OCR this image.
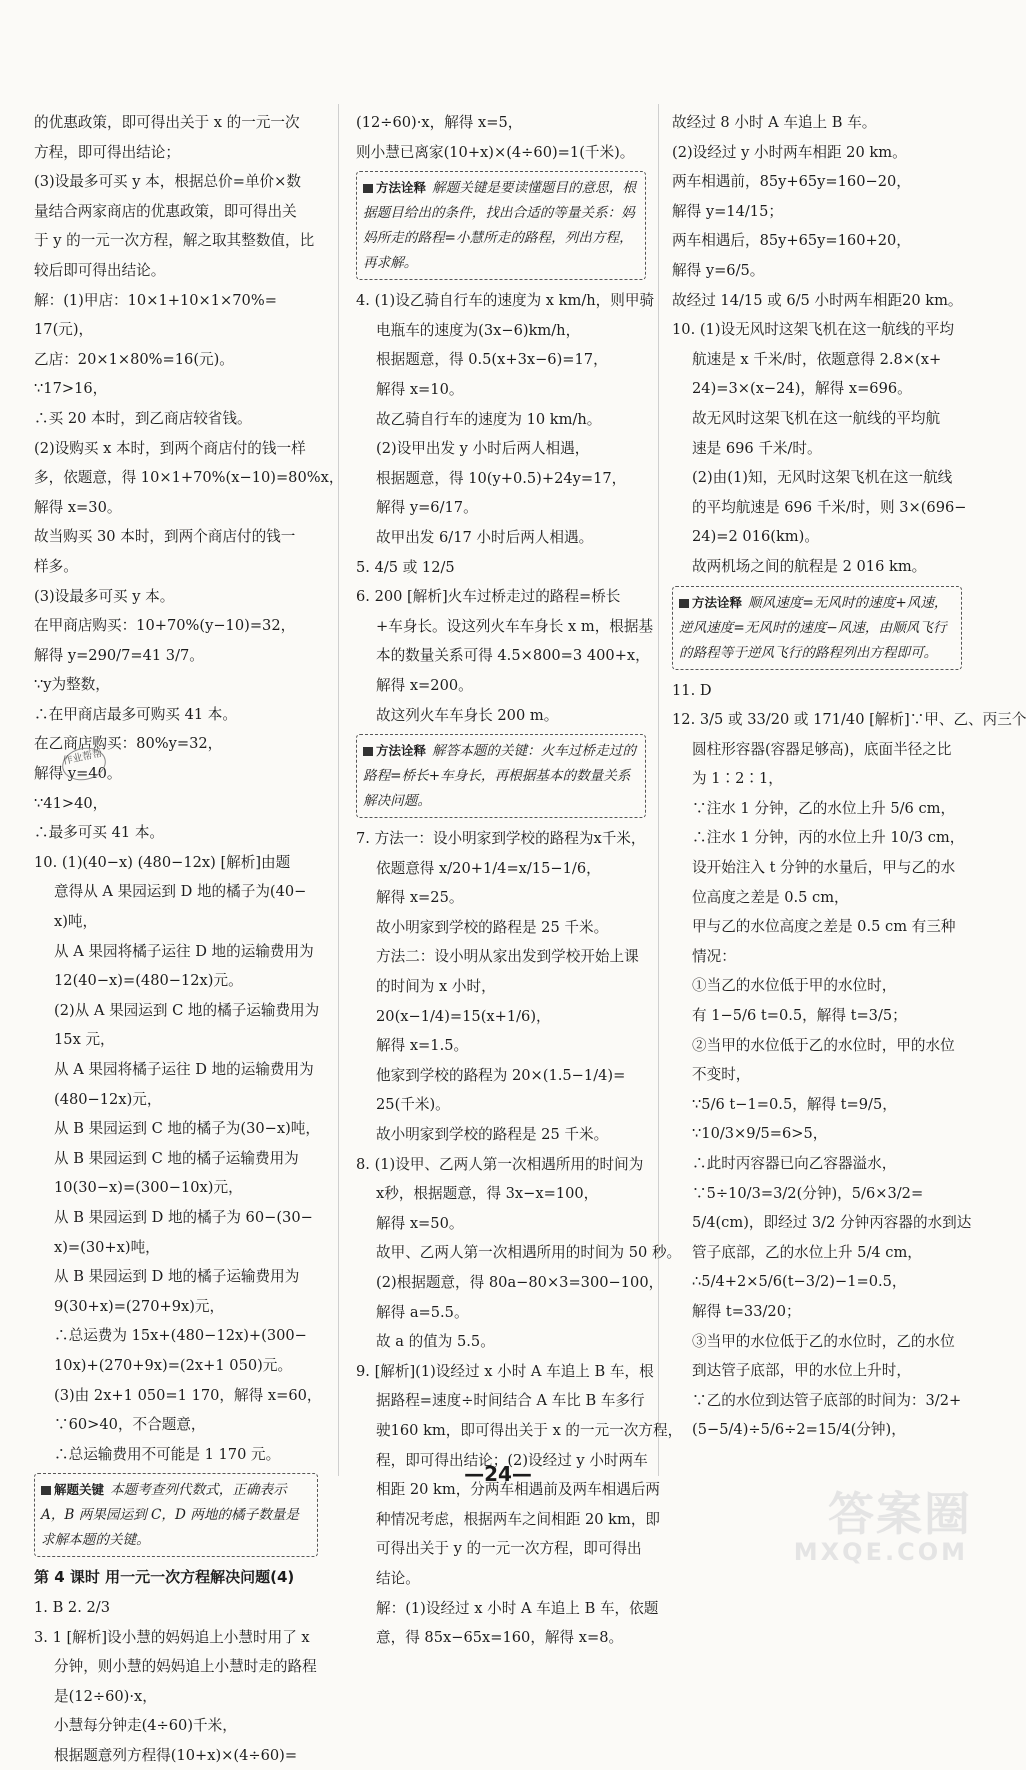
的优惠政策，即可得出关于 x 的一元一次
方程，即可得出结论；
(3)设最多可买 y 本，根据总价=单价×数
量结合两家商店的优惠政策，即可得出关
于 y 的一元一次方程，解之取其整数值，比
较后即可得出结论。
解：(1)甲店：10×1+10×1×70%=
17(元)，
乙店：20×1×80%=16(元)。
∵17>16，
∴买 20 本时，到乙商店较省钱。
(2)设购买 x 本时，到两个商店付的钱一样
多，依题意，得 10×1+70%(x−10)=80%x，
解得 x=30。
故当购买 30 本时，到两个商店付的钱一
样多。
(3)设最多可买 y 本。
在甲商店购买：10+70%(y−10)=32，
解得 y=290/7=41 3/7。
∵y为整数，
∴在甲商店最多可购买 41 本。
在乙商店购买：80%y=32，
解得 y=40。
∵41>40，
∴最多可买 41 本。
10. (1)(40−x) (480−12x) [解析]由题
意得从 A 果园运到 D 地的橘子为(40−
x)吨，
从 A 果园将橘子运往 D 地的运输费用为
12(40−x)=(480−12x)元。
(2)从 A 果园运到 C 地的橘子运输费用为
15x 元，
从 A 果园将橘子运往 D 地的运输费用为
(480−12x)元，
从 B 果园运到 C 地的橘子为(30−x)吨，
从 B 果园运到 C 地的橘子运输费用为
10(30−x)=(300−10x)元，
从 B 果园运到 D 地的橘子为 60−(30−
x)=(30+x)吨，
从 B 果园运到 D 地的橘子运输费用为
9(30+x)=(270+9x)元，
∴总运费为 15x+(480−12x)+(300−
10x)+(270+9x)=(2x+1 050)元。
(3)由 2x+1 050=1 170，解得 x=60，
∵60>40，不合题意，
∴总运输费用不可能是 1 170 元。
解题关键 本题考查列代数式，正确表示 A，B 两果园运到 C，D 两地的橘子数量是求解本题的关键。
第 4 课时 用一元一次方程解决问题(4)
1. B 2. 2/3
3. 1 [解析]设小慧的妈妈追上小慧时用了 x
分钟，则小慧的妈妈追上小慧时走的路程
是(12÷60)·x，
小慧每分钟走(4÷60)千米，
根据题意列方程得(10+x)×(4÷60)=
(12÷60)·x，解得 x=5，
则小慧已离家(10+x)×(4÷60)=1(千米)。
方法诠释 解题关键是要读懂题目的意思，根据题目给出的条件，找出合适的等量关系：妈妈所走的路程=小慧所走的路程，列出方程，再求解。
4. (1)设乙骑自行车的速度为 x km/h，则甲骑
电瓶车的速度为(3x−6)km/h，
根据题意，得 0.5(x+3x−6)=17，
解得 x=10。
故乙骑自行车的速度为 10 km/h。
(2)设甲出发 y 小时后两人相遇，
根据题意，得 10(y+0.5)+24y=17，
解得 y=6/17。
故甲出发 6/17 小时后两人相遇。
5. 4/5 或 12/5
6. 200 [解析]火车过桥走过的路程=桥长
+车身长。设这列火车车身长 x m，根据基
本的数量关系可得 4.5×800=3 400+x，
解得 x=200。
故这列火车车身长 200 m。
方法诠释 解答本题的关键：火车过桥走过的路程=桥长+车身长，再根据基本的数量关系解决问题。
7. 方法一：设小明家到学校的路程为x千米，
依题意得 x/20+1/4=x/15−1/6，
解得 x=25。
故小明家到学校的路程是 25 千米。
方法二：设小明从家出发到学校开始上课
的时间为 x 小时，
20(x−1/4)=15(x+1/6)，
解得 x=1.5。
他家到学校的路程为 20×(1.5−1/4)=
25(千米)。
故小明家到学校的路程是 25 千米。
8. (1)设甲、乙两人第一次相遇所用的时间为
x秒，根据题意，得 3x−x=100，
解得 x=50。
故甲、乙两人第一次相遇所用的时间为 50 秒。
(2)根据题意，得 80a−80×3=300−100，
解得 a=5.5。
故 a 的值为 5.5。
9. [解析](1)设经过 x 小时 A 车追上 B 车，根
据路程=速度÷时间结合 A 车比 B 车多行
驶160 km，即可得出关于 x 的一元一次方程，
程，即可得出结论；(2)设经过 y 小时两车
相距 20 km，分两车相遇前及两车相遇后两
种情况考虑，根据两车之间相距 20 km，即
可得出关于 y 的一元一次方程，即可得出
结论。
解：(1)设经过 x 小时 A 车追上 B 车，依题
意，得 85x−65x=160，解得 x=8。
故经过 8 小时 A 车追上 B 车。
(2)设经过 y 小时两车相距 20 km。
两车相遇前，85y+65y=160−20，
解得 y=14/15；
两车相遇后，85y+65y=160+20，
解得 y=6/5。
故经过 14/15 或 6/5 小时两车相距20 km。
10. (1)设无风时这架飞机在这一航线的平均
航速是 x 千米/时，依题意得 2.8×(x+
24)=3×(x−24)，解得 x=696。
故无风时这架飞机在这一航线的平均航
速是 696 千米/时。
(2)由(1)知，无风时这架飞机在这一航线
的平均航速是 696 千米/时，则 3×(696−
24)=2 016(km)。
故两机场之间的航程是 2 016 km。
方法诠释 顺风速度=无风时的速度+风速，逆风速度=无风时的速度−风速，由顺风飞行的路程等于逆风飞行的路程列出方程即可。
11. D
12. 3/5 或 33/20 或 171/40 [解析]∵甲、乙、丙三个
圆柱形容器(容器足够高)，底面半径之比
为 1∶2∶1，
∵注水 1 分钟，乙的水位上升 5/6 cm，
∴注水 1 分钟，丙的水位上升 10/3 cm，
设开始注入 t 分钟的水量后，甲与乙的水
位高度之差是 0.5 cm，
甲与乙的水位高度之差是 0.5 cm 有三种
情况：
①当乙的水位低于甲的水位时，
有 1−5/6 t=0.5，解得 t=3/5；
②当甲的水位低于乙的水位时，甲的水位
不变时，
∵5/6 t−1=0.5，解得 t=9/5，
∵10/3×9/5=6>5，
∴此时丙容器已向乙容器溢水，
∵5÷10/3=3/2(分钟)，5/6×3/2=
5/4(cm)，即经过 3/2 分钟丙容器的水到达
管子底部，乙的水位上升 5/4 cm，
∴5/4+2×5/6(t−3/2)−1=0.5，
解得 t=33/20；
③当甲的水位低于乙的水位时，乙的水位
到达管子底部，甲的水位上升时，
∵乙的水位到达管子底部的时间为：3/2+
(5−5/4)÷5/6÷2=15/4(分钟)，
作业帮帮
—24—
答案圈
MXQE.COM
